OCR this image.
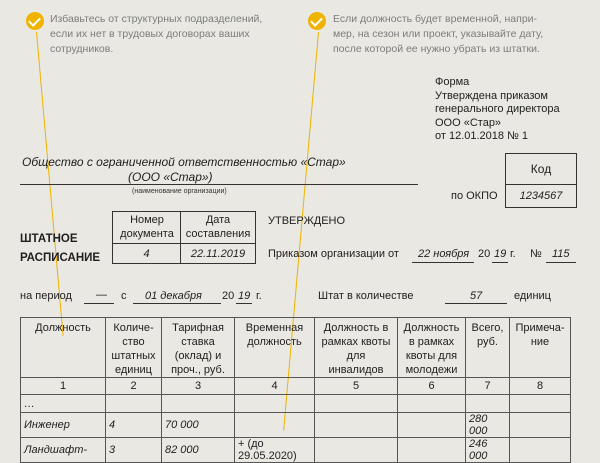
Избавьтесь от структурных подразделений,
если их нет в трудовых договорах ваших
сотрудников.
Если должность будет временной, напри-
мер, на сезон или проект, указывайте дату,
после которой ее нужно убрать из штатки.
Форма
Утверждена приказом
генерального директора
ООО «Стар»
от 12.01.2018 № 1
Общество с ограниченной ответственностью «Стар»
(ООО «Стар»)
(наименование организации)
Код
1234567
по ОКПО
ШТАТНОЕ
РАСПИСАНИЕ
Номер документа
Дата составления
4	22.11.2019
УТВЕРЖДЕНО
Приказом организации от 22 ноября 20 19 г. № 115
на период — с 01 декабря 20 19 г.	Штат в количестве	57	единиц
Должность	Количе-ство штатных единиц	Тарифная ставка (оклад) и проч., руб.	Временная должность	Должность в рамках квоты для инвалидов	Должность в рамках квоты для молодежи	Всего, руб.	Примеча-ние
1	2	3	4	5	6	7	8
…							
Инженер	4	70 000				280 000	
Ландшафт-	3	82 000	+ (до 29.05.2020)			246 000	
